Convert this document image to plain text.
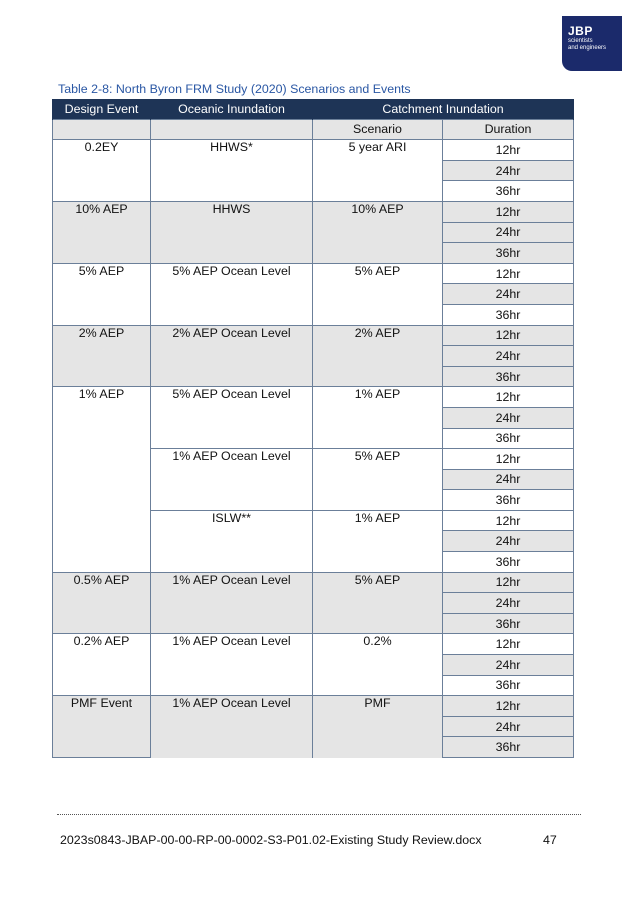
JBP
scientists
and engineers
Table 2-8: North Byron FRM Study (2020) Scenarios and Events
Design Event	Oceanic Inundation	Catchment Inundation	
		Scenario	Duration
0.2EY	HHWS*	5 year ARI	12hr
			24hr
			36hr
10% AEP	HHWS	10% AEP	12hr
			24hr
			36hr
5% AEP	5% AEP Ocean Level	5% AEP	12hr
			24hr
			36hr
2% AEP	2% AEP Ocean Level	2% AEP	12hr
			24hr
			36hr
1% AEP	5% AEP Ocean Level	1% AEP	12hr
			24hr
			36hr
	1% AEP Ocean Level	5% AEP	12hr
			24hr
			36hr
	ISLW**	1% AEP	12hr
			24hr
			36hr
0.5% AEP	1% AEP Ocean Level	5% AEP	12hr
			24hr
			36hr
0.2% AEP	1% AEP Ocean Level	0.2%	12hr
			24hr
			36hr
PMF Event	1% AEP Ocean Level	PMF	12hr
			24hr
			36hr
2023s0843-JBAP-00-00-RP-00-0002-S3-P01.02-Existing Study Review.docx	47
